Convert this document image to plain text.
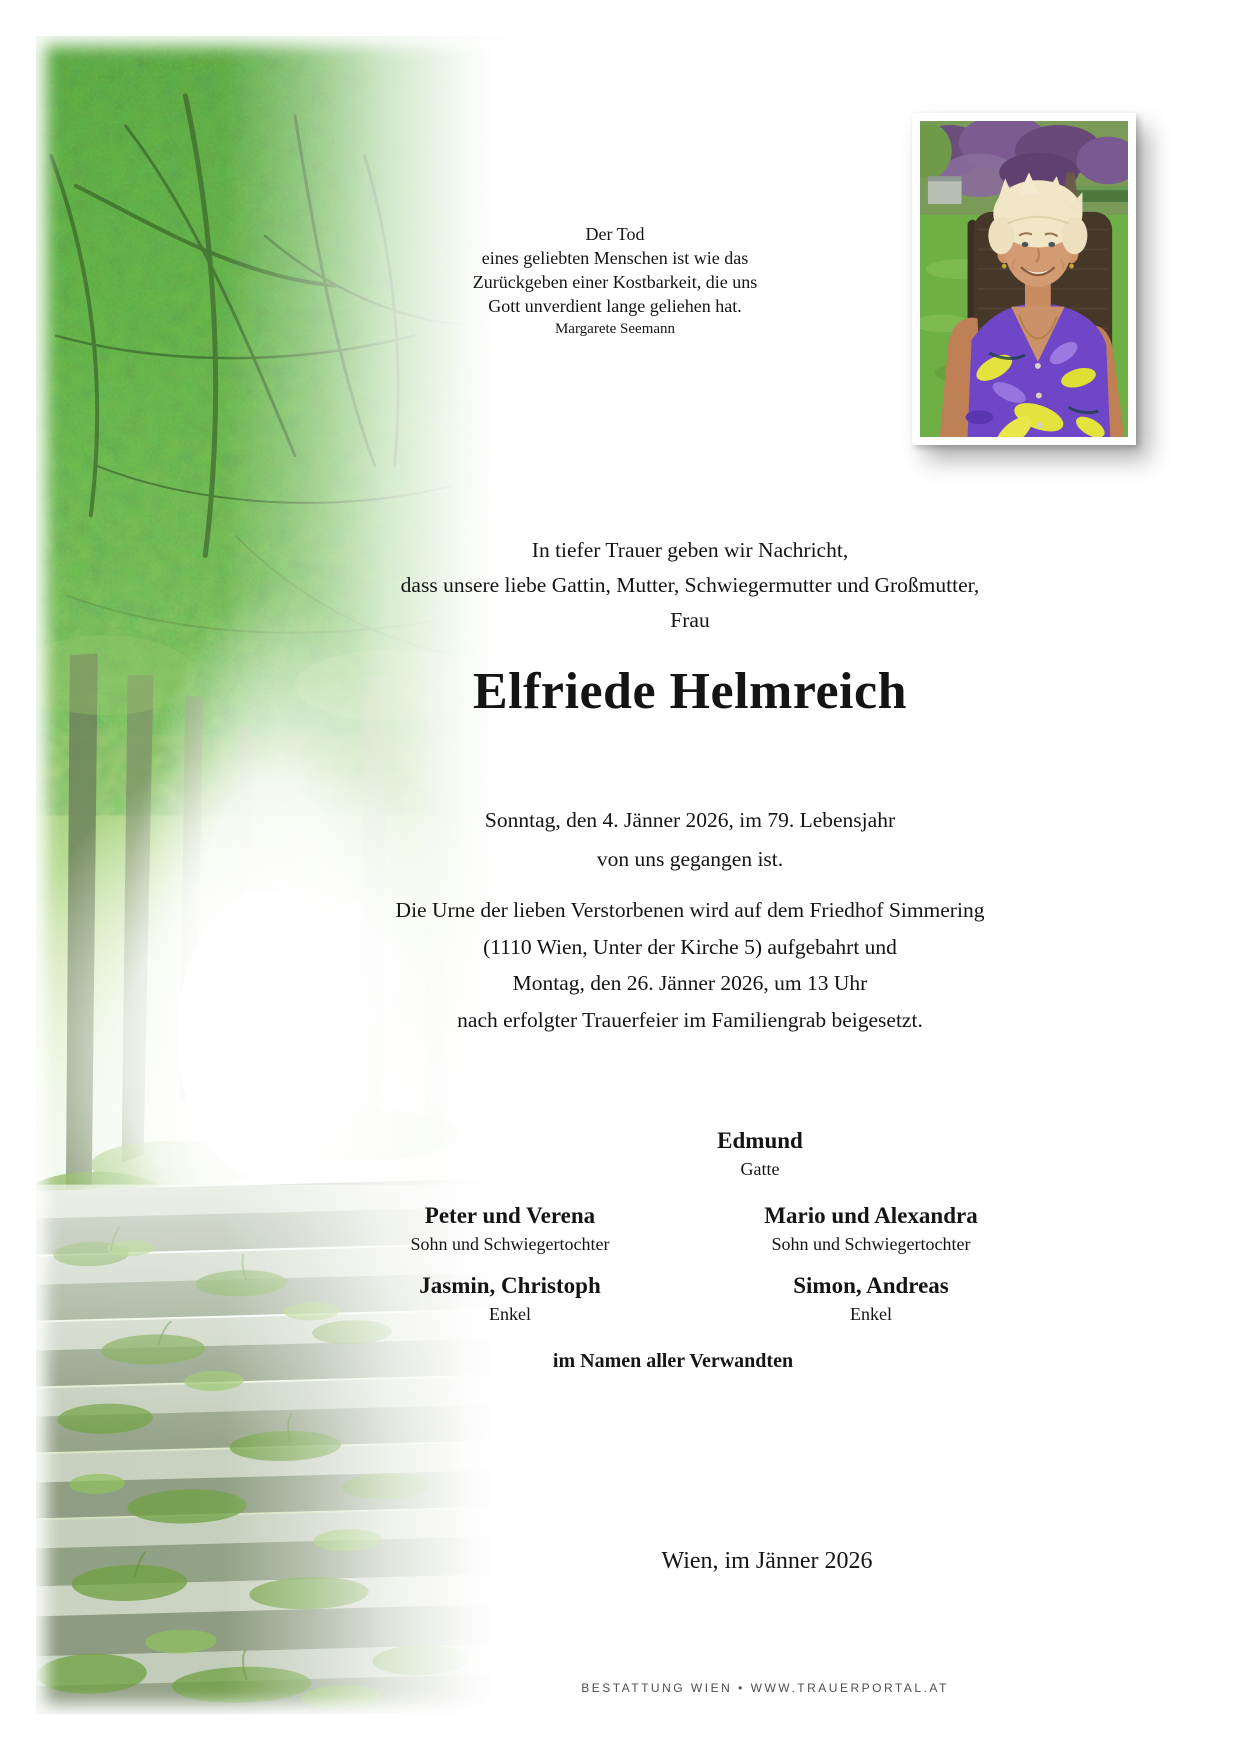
Der Tod
eines geliebten Menschen ist wie das
Zurückgeben einer Kostbarkeit, die uns
Gott unverdient lange geliehen hat.
Margarete Seemann
In tiefer Trauer geben wir Nachricht,
dass unsere liebe Gattin, Mutter, Schwiegermutter und Großmutter,
Frau
Elfriede Helmreich
Sonntag, den 4. Jänner 2026, im 79. Lebensjahr
von uns gegangen ist.
Die Urne der lieben Verstorbenen wird auf dem Friedhof Simmering
(1110 Wien, Unter der Kirche 5) aufgebahrt und
Montag, den 26. Jänner 2026, um 13 Uhr
nach erfolgter Trauerfeier im Familiengrab beigesetzt.
Edmund
Gatte
Peter und Verena
Sohn und Schwiegertochter
Jasmin, Christoph
Enkel
Mario und Alexandra
Sohn und Schwiegertochter
Simon, Andreas
Enkel
im Namen aller Verwandten
Wien, im Jänner 2026
BESTATTUNG WIEN • WWW.TRAUERPORTAL.AT
